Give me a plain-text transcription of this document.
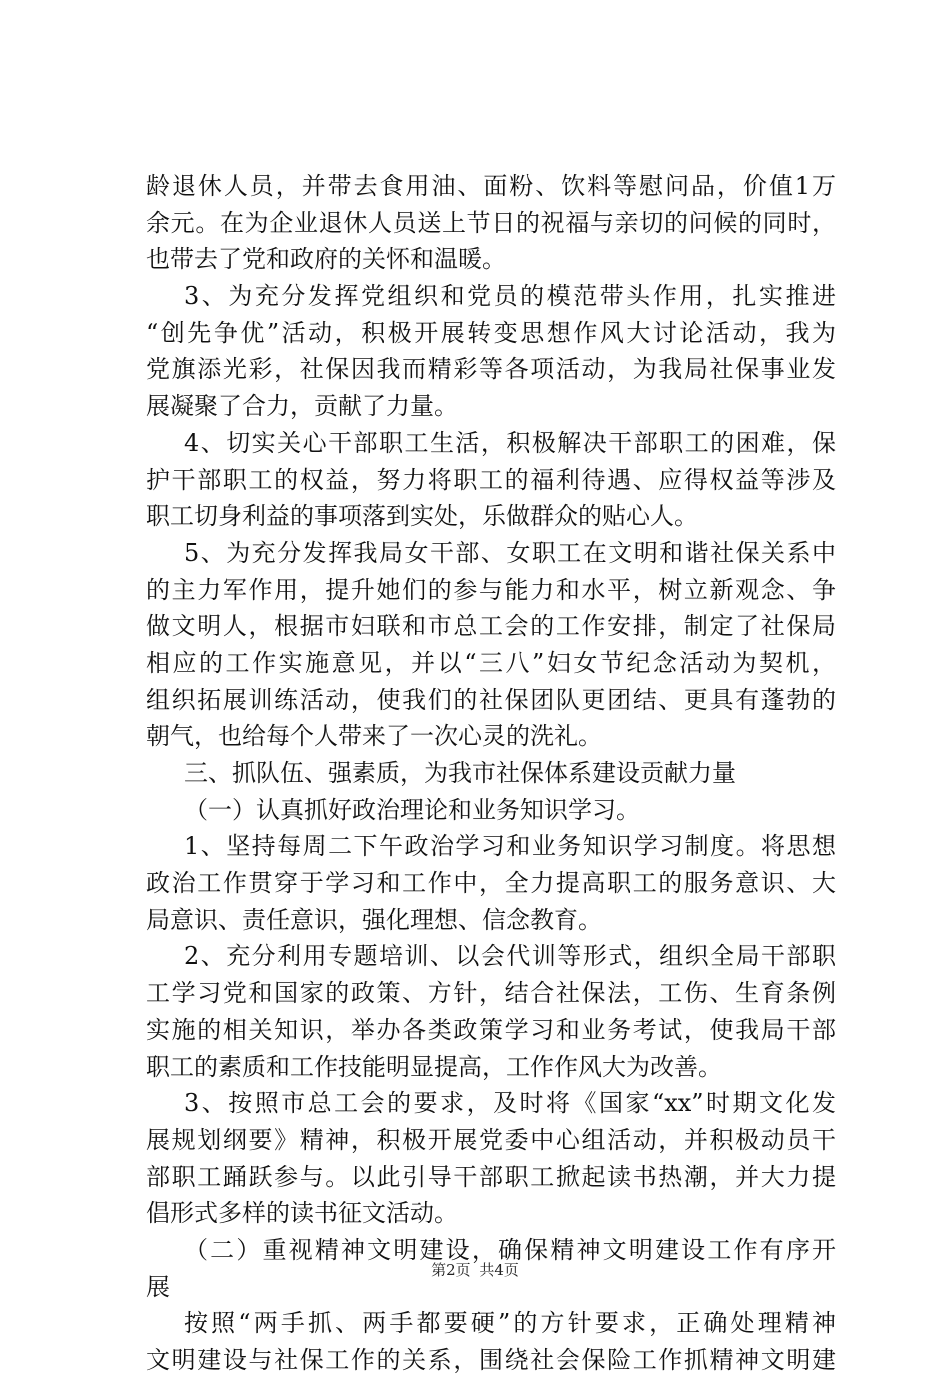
龄退休人员，并带去食用油、面粉、饮料等慰问品，价值1万
余元。在为企业退休人员送上节日的祝福与亲切的问候的同时，
也带去了党和政府的关怀和温暖。
3、为充分发挥党组织和党员的模范带头作用，扎实推进
“创先争优”活动，积极开展转变思想作风大讨论活动，我为
党旗添光彩，社保因我而精彩等各项活动，为我局社保事业发
展凝聚了合力，贡献了力量。
4、切实关心干部职工生活，积极解决干部职工的困难，保
护干部职工的权益，努力将职工的福利待遇、应得权益等涉及
职工切身利益的事项落到实处，乐做群众的贴心人。
5、为充分发挥我局女干部、女职工在文明和谐社保关系中
的主力军作用，提升她们的参与能力和水平，树立新观念、争
做文明人，根据市妇联和市总工会的工作安排，制定了社保局
相应的工作实施意见，并以“三八”妇女节纪念活动为契机，
组织拓展训练活动，使我们的社保团队更团结、更具有蓬勃的
朝气，也给每个人带来了一次心灵的洗礼。
三、抓队伍、强素质，为我市社保体系建设贡献力量
（一）认真抓好政治理论和业务知识学习。
1、坚持每周二下午政治学习和业务知识学习制度。将思想
政治工作贯穿于学习和工作中，全力提高职工的服务意识、大
局意识、责任意识，强化理想、信念教育。
2、充分利用专题培训、以会代训等形式，组织全局干部职
工学习党和国家的政策、方针，结合社保法，工伤、生育条例
实施的相关知识，举办各类政策学习和业务考试，使我局干部
职工的素质和工作技能明显提高，工作作风大为改善。
3、按照市总工会的要求，及时将《国家“xx”时期文化发
展规划纲要》精神，积极开展党委中心组活动，并积极动员干
部职工踊跃参与。以此引导干部职工掀起读书热潮，并大力提
倡形式多样的读书征文活动。
（二）重视精神文明建设，确保精神文明建设工作有序开
展
按照“两手抓、两手都要硬”的方针要求，正确处理精神
文明建设与社保工作的关系，围绕社会保险工作抓精神文明建
第2页 共4页
